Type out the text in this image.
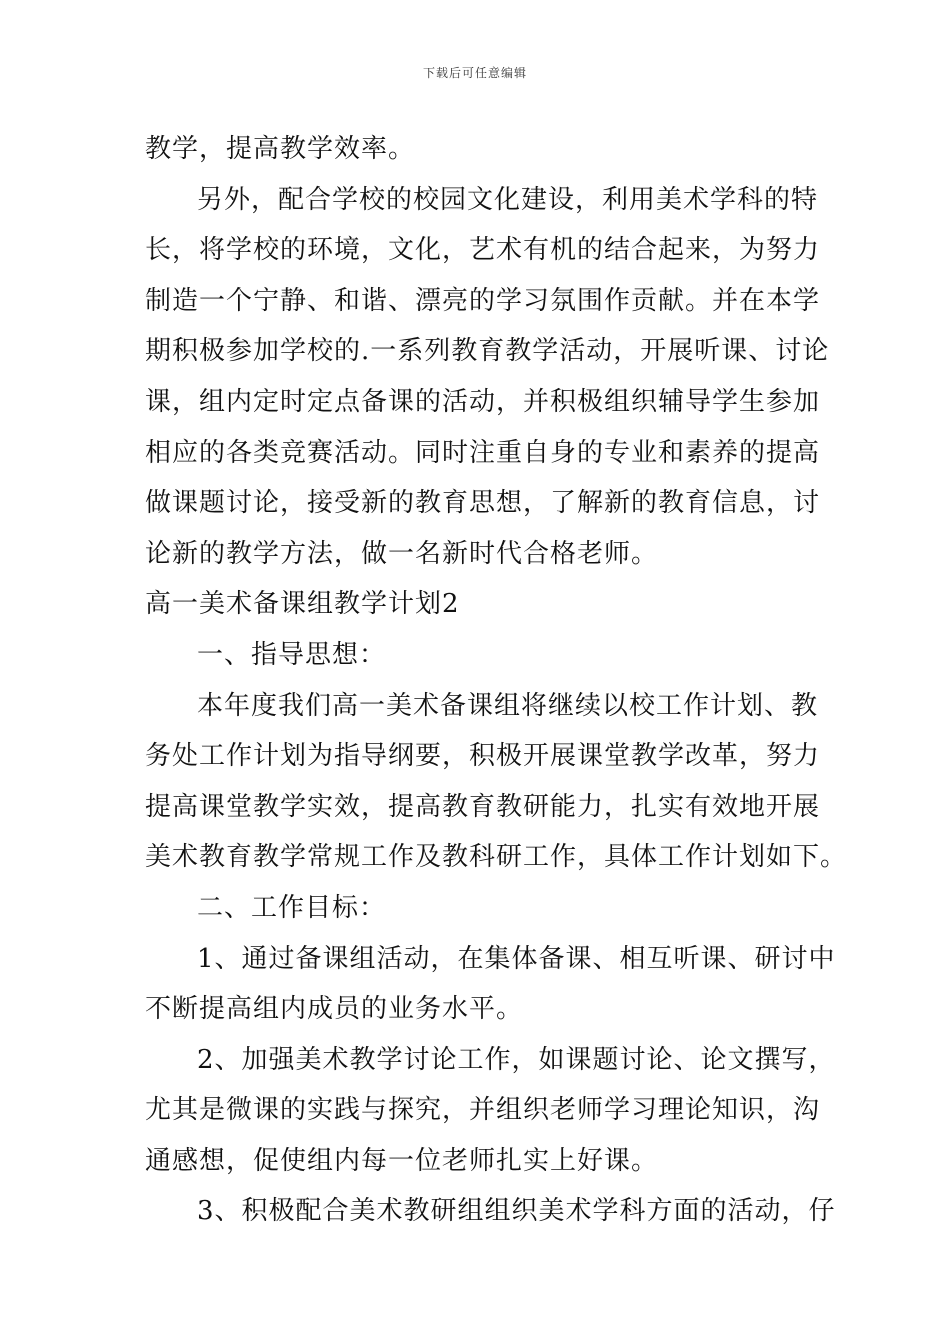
下载后可任意编辑
教学，提高教学效率。
另外，配合学校的校园文化建设，利用美术学科的特
长，将学校的环境，文化，艺术有机的结合起来，为努力
制造一个宁静、和谐、漂亮的学习氛围作贡献。并在本学
期积极参加学校的.一系列教育教学活动，开展听课、讨论
课，组内定时定点备课的活动，并积极组织辅导学生参加
相应的各类竞赛活动。同时注重自身的专业和素养的提高
做课题讨论，接受新的教育思想，了解新的教育信息，讨
论新的教学方法，做一名新时代合格老师。
高一美术备课组教学计划2
一、指导思想：
本年度我们高一美术备课组将继续以校工作计划、教
务处工作计划为指导纲要，积极开展课堂教学改革，努力
提高课堂教学实效，提高教育教研能力，扎实有效地开展
美术教育教学常规工作及教科研工作，具体工作计划如下。
二、工作目标：
1、通过备课组活动，在集体备课、相互听课、研讨中
不断提高组内成员的业务水平。
2、加强美术教学讨论工作，如课题讨论、论文撰写，
尤其是微课的实践与探究，并组织老师学习理论知识，沟
通感想，促使组内每一位老师扎实上好课。
3、积极配合美术教研组组织美术学科方面的活动，仔
